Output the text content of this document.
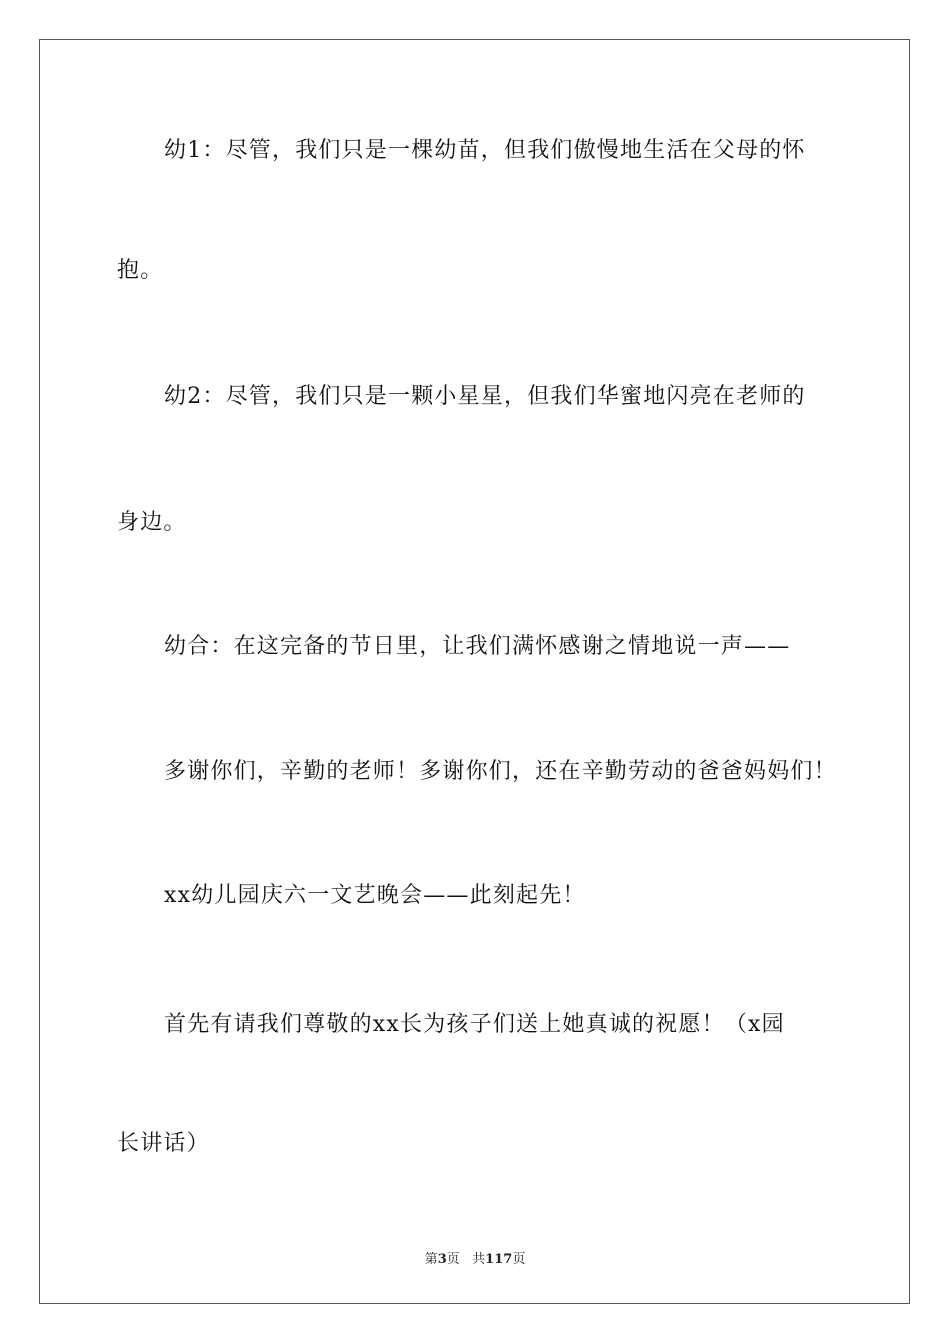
幼1：尽管，我们只是一棵幼苗，但我们傲慢地生活在父母的怀
抱。
幼2：尽管，我们只是一颗小星星，但我们华蜜地闪亮在老师的
身边。
幼合：在这完备的节日里，让我们满怀感谢之情地说一声——
多谢你们，辛勤的老师！多谢你们，还在辛勤劳动的爸爸妈妈们！
xx幼儿园庆六一文艺晚会——此刻起先！
首先有请我们尊敬的xx长为孩子们送上她真诚的祝愿！（x园
长讲话）
第3页 共117页
